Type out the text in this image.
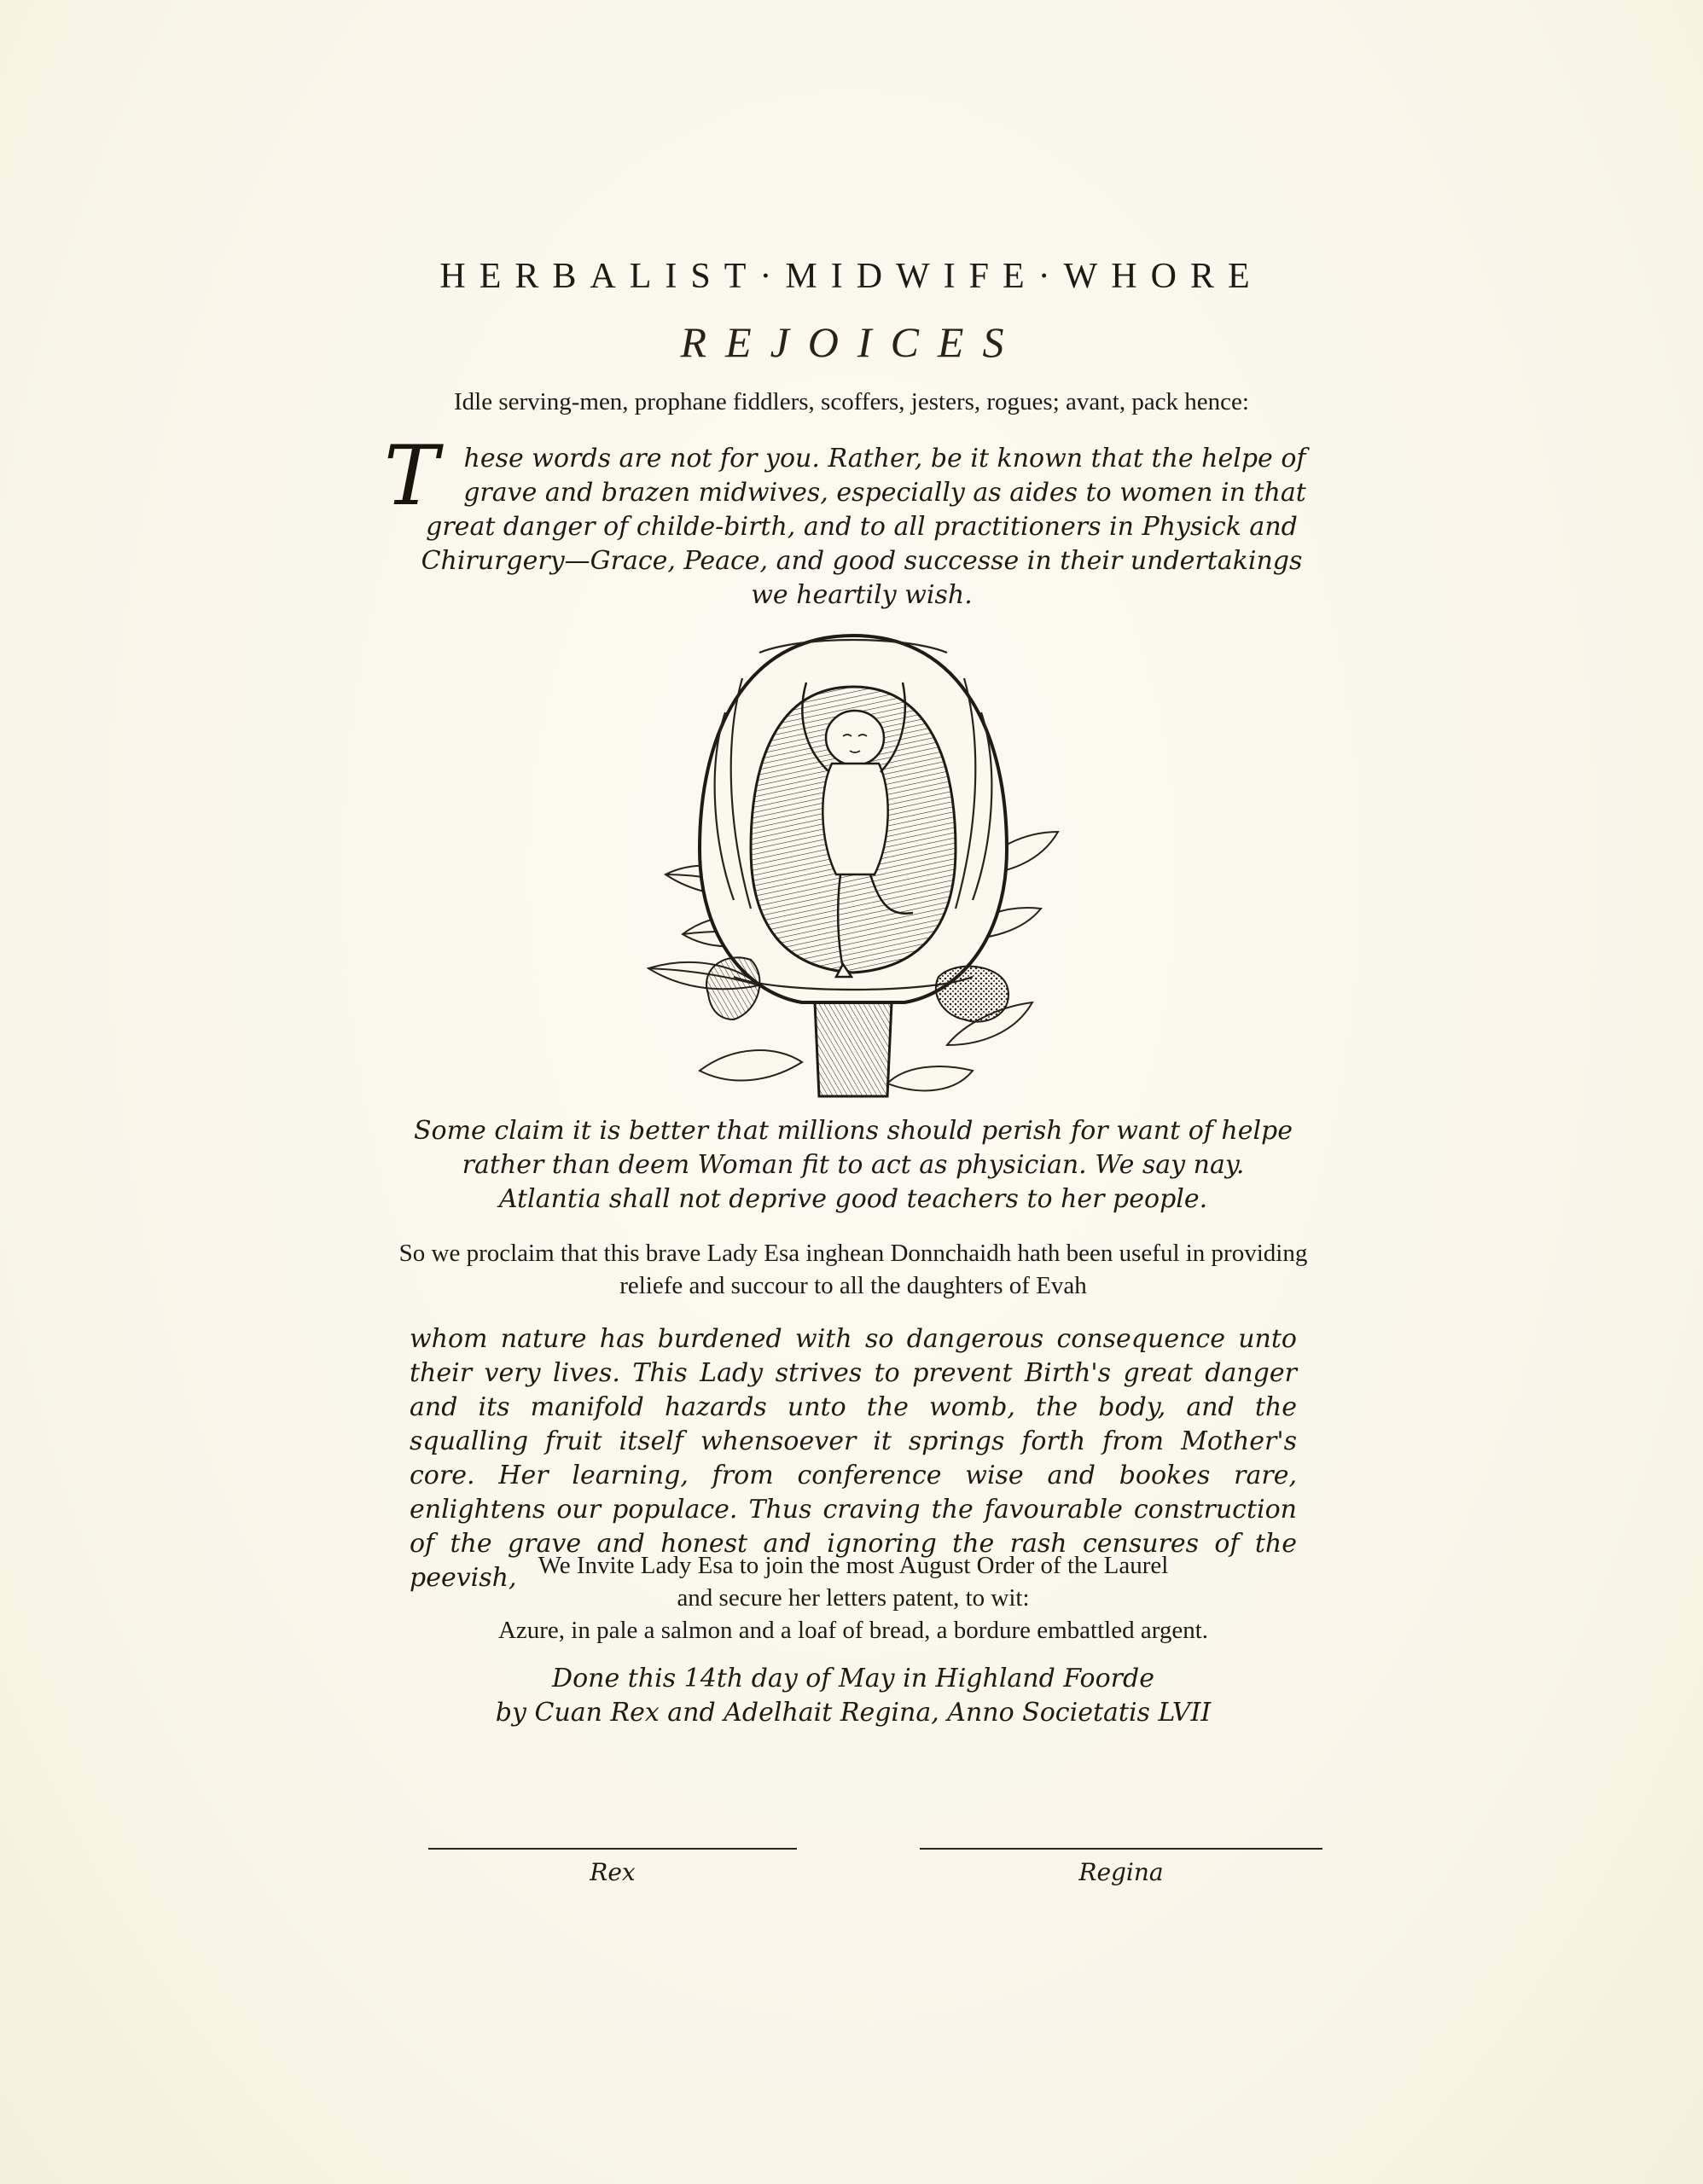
HERBALIST·MIDWIFE·WHORE
REJOICES
Idle serving-men, prophane fiddlers, scoffers, jesters, rogues; avant, pack hence:
T hese words are not for you. Rather, be it known that the helpe of grave and brazen midwives, especially as aides to women in that great danger of childe-birth, and to all practitioners in Physick and Chirurgery—Grace, Peace, and good successe in their undertakings we heartily wish.
Some claim it is better that millions should perish for want of helpe rather than deem Woman fit to act as physician. We say nay. Atlantia shall not deprive good teachers to her people.
So we proclaim that this brave Lady Esa inghean Donnchaidh hath been useful in providing reliefe and succour to all the daughters of Evah
whom nature has burdened with so dangerous consequence unto their very lives. This Lady strives to prevent Birth's great danger and its manifold hazards unto the womb, the body, and the squalling fruit itself whensoever it springs forth from Mother's core. Her learning, from conference wise and bookes rare, enlightens our populace. Thus craving the favourable construction of the grave and honest and ignoring the rash censures of the peevish, We Invite Lady Esa to join the most August Order of the Laurel

and secure her letters patent, to wit:

Azure, in pale a salmon and a loaf of bread, a bordure embattled argent.

Done this 14th day of May in Highland Foorde

by Cuan Rex and Adelhait Regina, Anno Societatis LVII

Rex	Regina
